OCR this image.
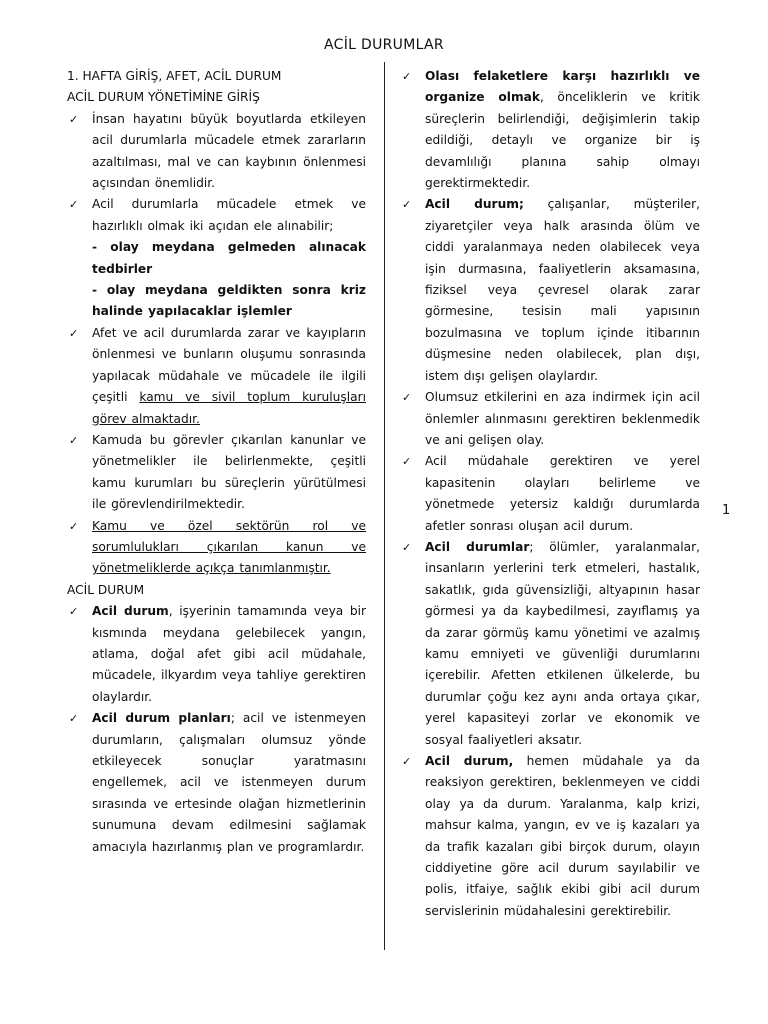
ACİL DURUMLAR
1

1. HAFTA GİRİŞ, AFET, ACİL DURUM

ACİL DURUM YÖNETİMİNE GİRİŞ

✓ İnsan hayatını büyük boyutlarda etkileyen acil durumlarla mücadele etmek zararların azaltılması, mal ve can kaybının önlenmesi açısından önemlidir.

✓ Acil durumlarla mücadele etmek ve hazırlıklı olmak iki açıdan ele alınabilir;

- olay meydana gelmeden alınacak tedbirler

- olay meydana geldikten sonra kriz halinde yapılacaklar işlemler

✓ Afet ve acil durumlarda zarar ve kayıpların önlenmesi ve bunların oluşumu sonrasında yapılacak müdahale ve mücadele ile ilgili çeşitli kamu ve sivil toplum kuruluşları görev almaktadır.

✓ Kamuda bu görevler çıkarılan kanunlar ve yönetmelikler ile belirlenmekte, çeşitli kamu kurumları bu süreçlerin yürütülmesi ile görevlendirilmektedir.

✓ Kamu ve özel sektörün rol ve sorumlulukları çıkarılan kanun ve yönetmeliklerde açıkça tanımlanmıştır.

ACİL DURUM

✓ Acil durum, işyerinin tamamında veya bir kısmında meydana gelebilecek yangın, atlama, doğal afet gibi acil müdahale, mücadele, ilkyardım veya tahliye gerektiren olaylardır.

✓ Acil durum planları; acil ve istenmeyen durumların, çalışmaları olumsuz yönde etkileyecek sonuçlar yaratmasını engellemek, acil ve istenmeyen durum sırasında ve ertesinde olağan hizmetlerinin sunumuna devam edilmesini sağlamak amacıyla hazırlanmış plan ve programlardır.

✓ Olası felaketlere karşı hazırlıklı ve organize olmak, önceliklerin ve kritik süreçlerin belirlendiği, değişimlerin takip edildiği, detaylı ve organize bir iş devamlılığı planına sahip olmayı gerektirmektedir.

✓ Acil durum; çalışanlar, müşteriler, ziyaretçiler veya halk arasında ölüm ve ciddi yaralanmaya neden olabilecek veya işin durmasına, faaliyetlerin aksamasına, fiziksel veya çevresel olarak zarar görmesine, tesisin mali yapısının bozulmasına ve toplum içinde itibarının düşmesine neden olabilecek, plan dışı, istem dışı gelişen olaylardır.

✓ Olumsuz etkilerini en aza indirmek için acil önlemler alınmasını gerektiren beklenmedik ve ani gelişen olay.

✓ Acil müdahale gerektiren ve yerel kapasitenin olayları belirleme ve yönetmede yetersiz kaldığı durumlarda afetler sonrası oluşan acil durum.

✓ Acil durumlar; ölümler, yaralanmalar, insanların yerlerini terk etmeleri, hastalık, sakatlık, gıda güvensizliği, altyapının hasar görmesi ya da kaybedilmesi, zayıflamış ya da zarar görmüş kamu yönetimi ve azalmış kamu emniyeti ve güvenliği durumlarını içerebilir. Afetten etkilenen ülkelerde, bu durumlar çoğu kez aynı anda ortaya çıkar, yerel kapasiteyi zorlar ve ekonomik ve sosyal faaliyetleri aksatır.

✓ Acil durum, hemen müdahale ya da reaksiyon gerektiren, beklenmeyen ve ciddi olay ya da durum. Yaralanma, kalp krizi, mahsur kalma, yangın, ev ve iş kazaları ya da trafik kazaları gibi birçok durum, olayın ciddiyetine göre acil durum sayılabilir ve polis, itfaiye, sağlık ekibi gibi acil durum servislerinin müdahalesini gerektirebilir.
